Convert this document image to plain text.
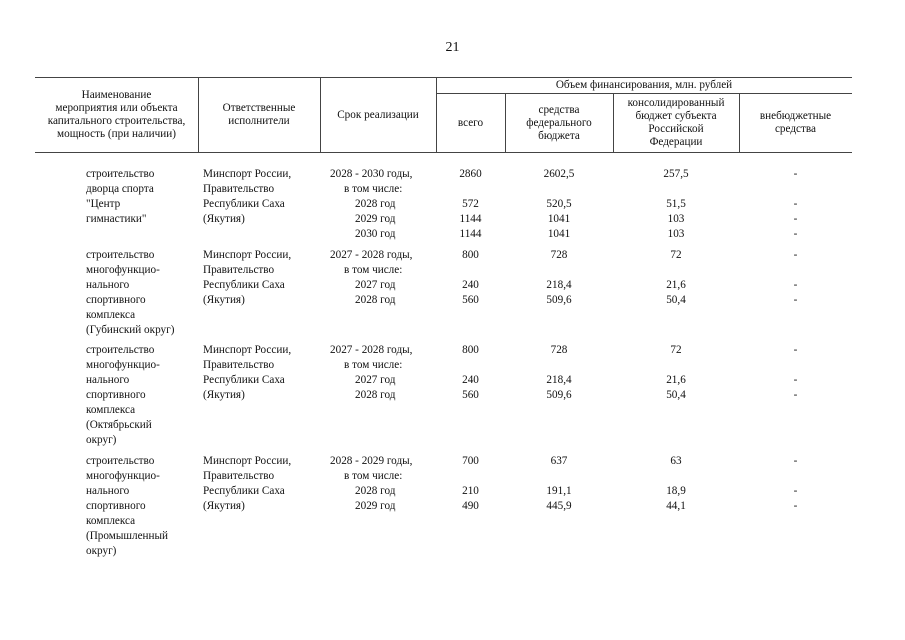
21
Наименование
мероприятия или объекта
капитального строительства,
мощность (при наличии)
Ответственные
исполнители
Срок реализации
Объем финансирования, млн. рублей
всего
средства
федерального
бюджета
консолидированный
бюджет субъекта
Российской
Федерации
внебюджетные
средства
строительство
дворца спорта
"Центр
гимнастики"
Минспорт России,
Правительство
Республики Саха
(Якутия)
2028 - 2030 годы,
в том числе:
2028 год
2029 год
2030 год
2860
572
1144
1144
2602,5
520,5
1041
1041
257,5
51,5
103
103
-
-
-
-
строительство
многофункцио-
нального
спортивного
комплекса
(Губинский округ)
Минспорт России,
Правительство
Республики Саха
(Якутия)
2027 - 2028 годы,
в том числе:
2027 год
2028 год
800
240
560
728
218,4
509,6
72
21,6
50,4
-
-
-
строительство
многофункцио-
нального
спортивного
комплекса
(Октябрьский
округ)
Минспорт России,
Правительство
Республики Саха
(Якутия)
2027 - 2028 годы,
в том числе:
2027 год
2028 год
800
240
560
728
218,4
509,6
72
21,6
50,4
-
-
-
строительство
многофункцио-
нального
спортивного
комплекса
(Промышленный
округ)
Минспорт России,
Правительство
Республики Саха
(Якутия)
2028 - 2029 годы,
в том числе:
2028 год
2029 год
700
210
490
637
191,1
445,9
63
18,9
44,1
-
-
-
